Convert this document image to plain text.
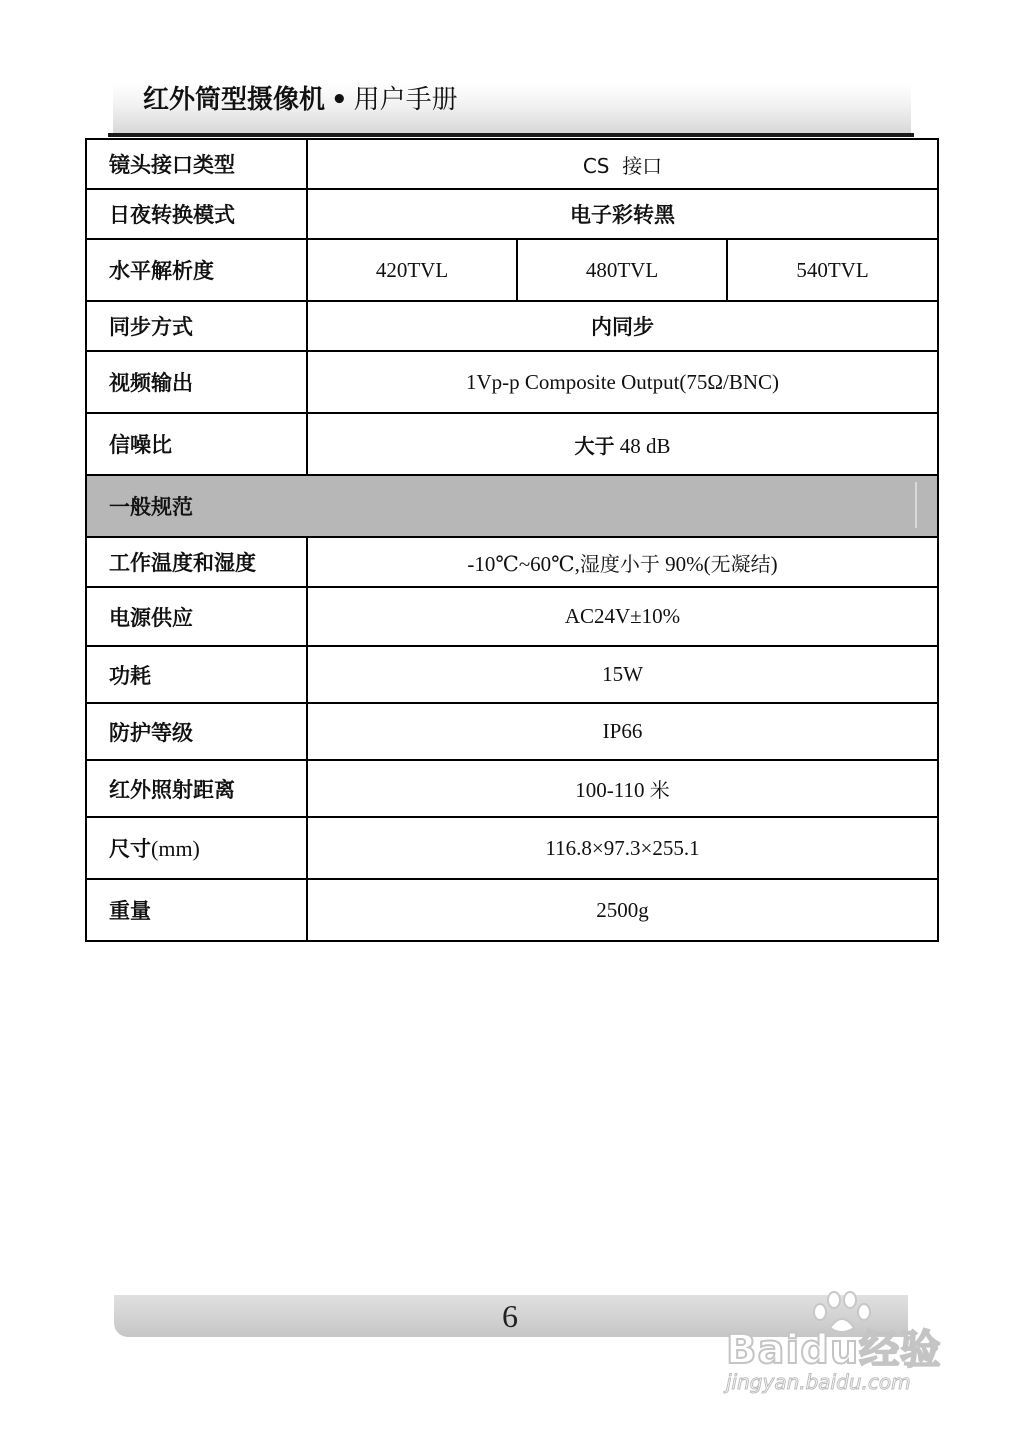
红外筒型摄像机 • 用户手册
镜头接口类型	CS  接口		
日夜转换模式	电子彩转黑		
水平解析度	420TVL	480TVL	540TVL
同步方式	内同步		
视频输出	1Vp-p Composite Output(75Ω/BNC)		
信噪比	大于 48 dB		
一般规范			

工作温度和湿度	-10℃~60℃,湿度小于 90%(无凝结)		
电源供应	AC24V±10%		
功耗	15W		
防护等级	IP66		
红外照射距离	100-110 米		
尺寸(mm)	116.8×97.3×255.1		
重量	2500g		
6
Baidu经验
jingyan.baidu.com
